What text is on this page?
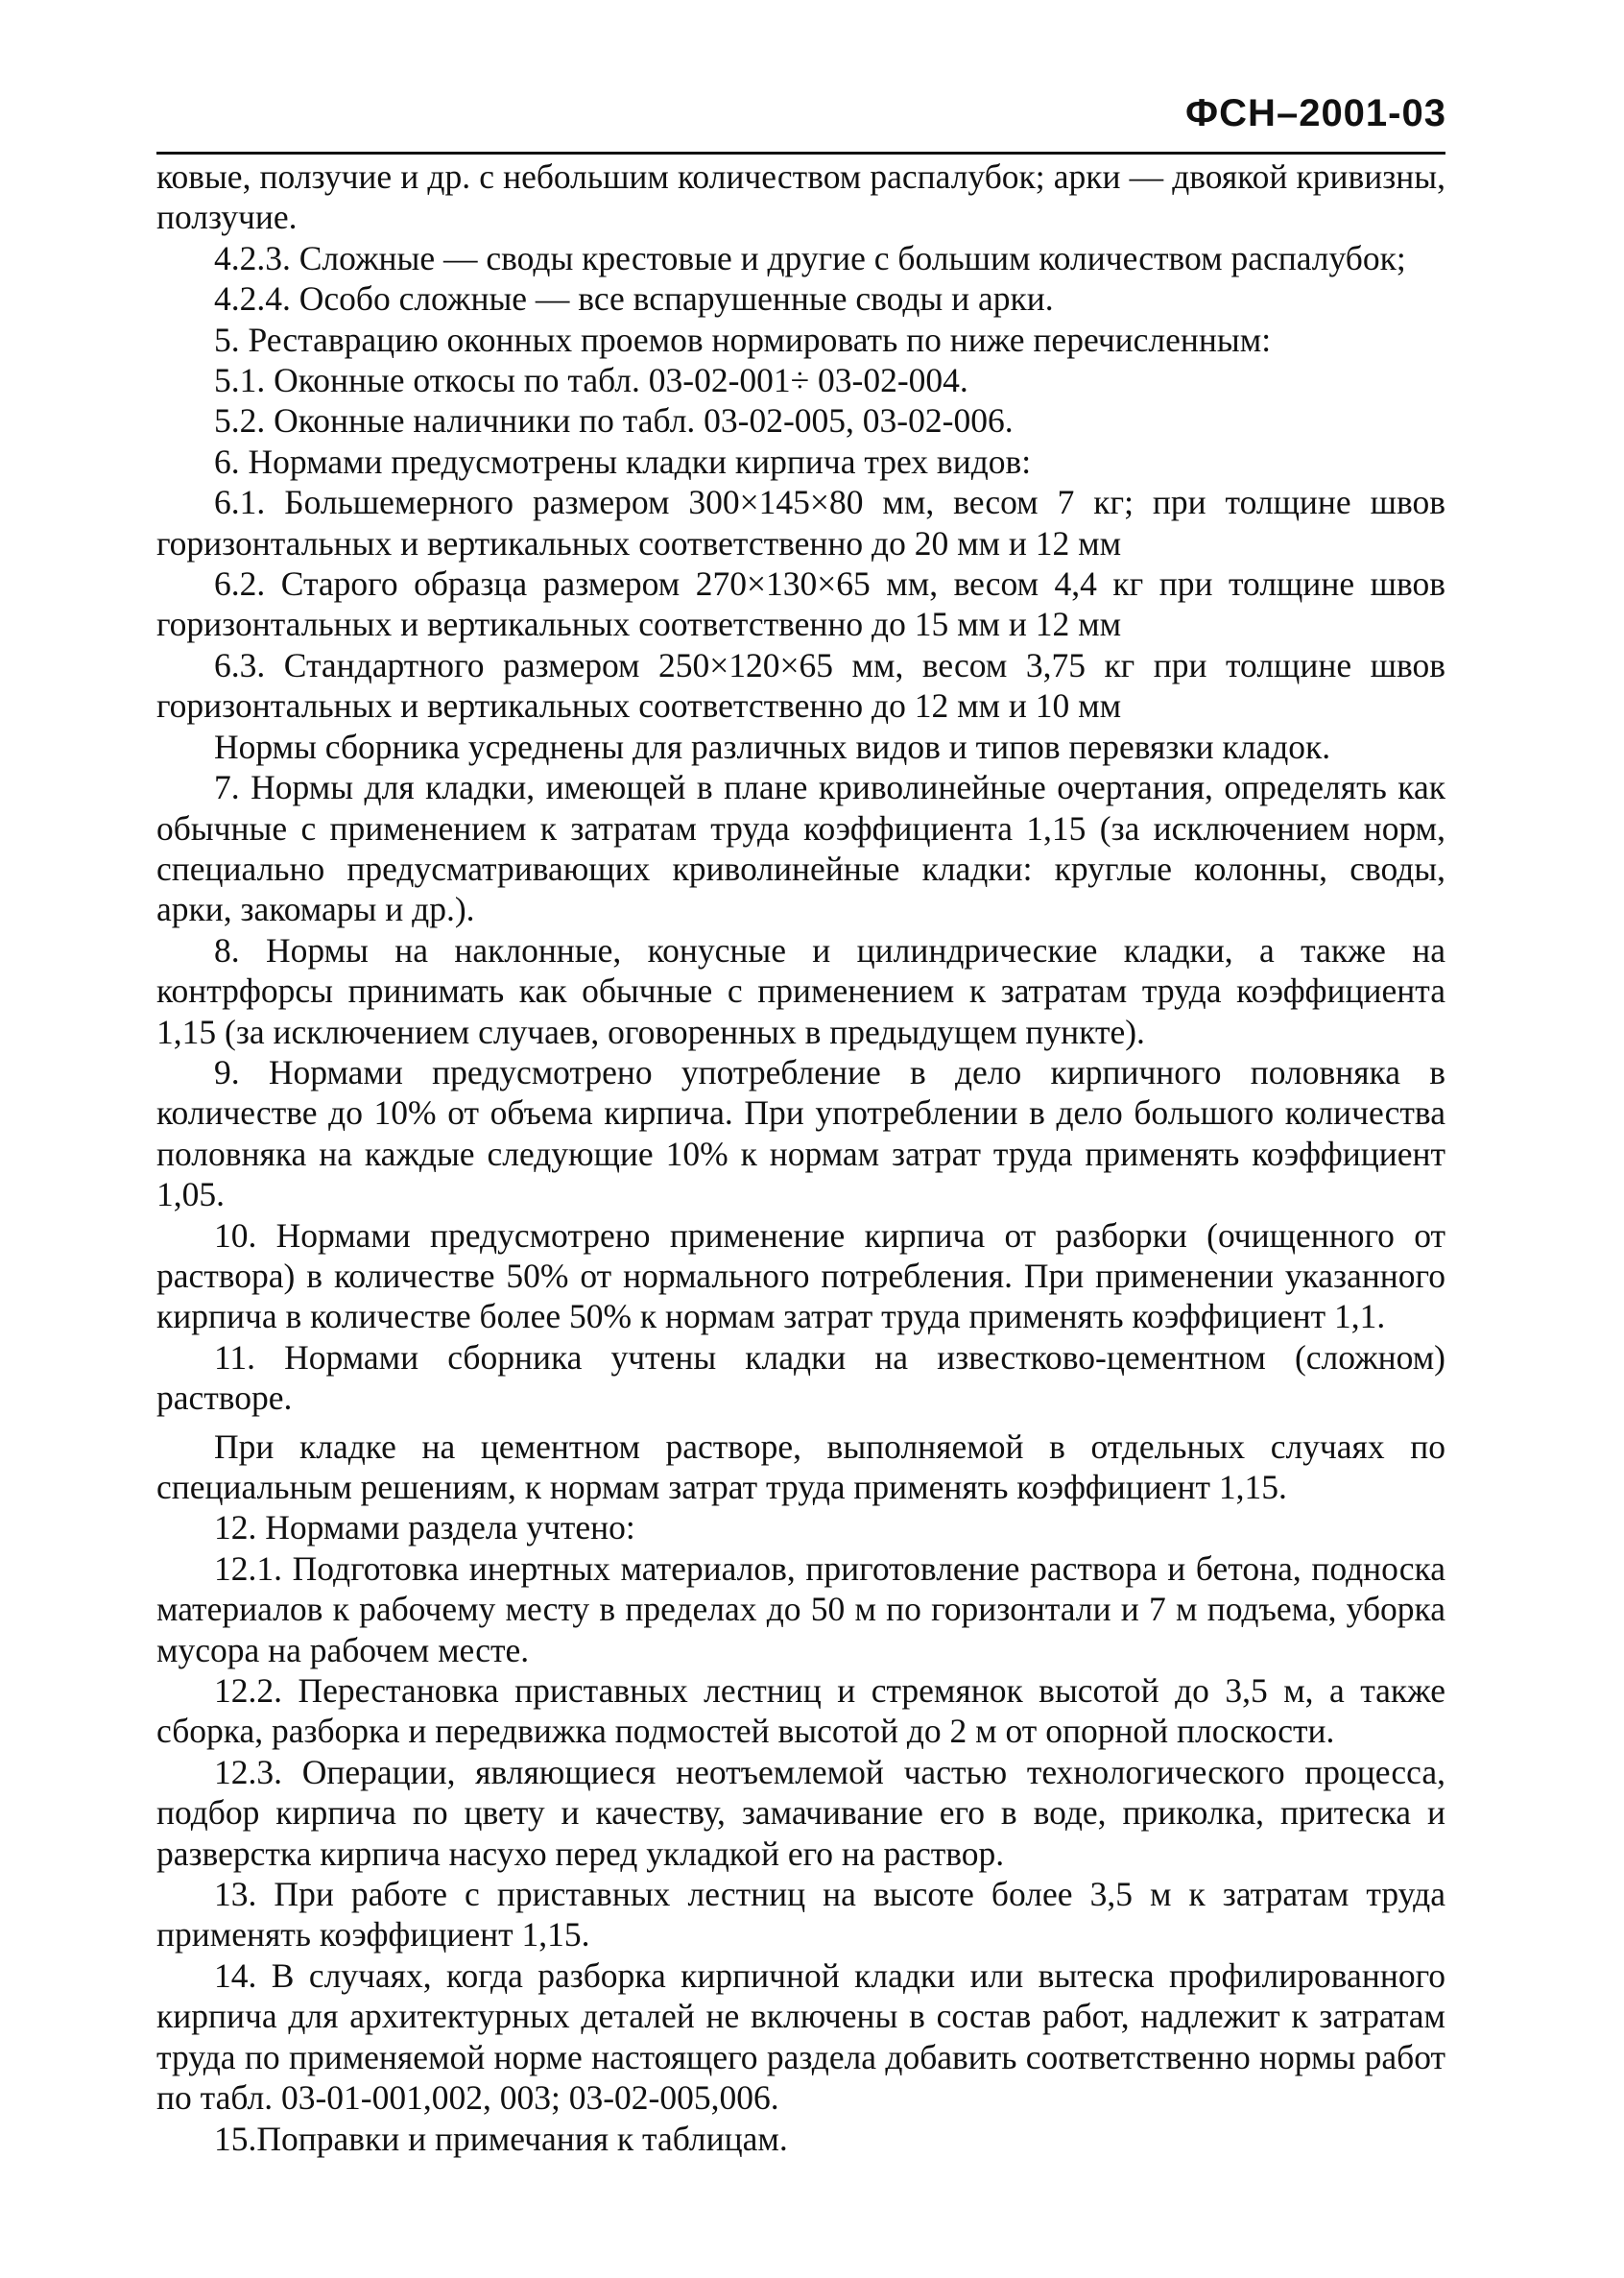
ФСН–2001-03

ковые, ползучие и др. с небольшим количеством распалубок; арки — двоякой кривизны, ползучие.

4.2.3. Сложные — своды крестовые и другие с большим количеством распалубок;

4.2.4. Особо сложные — все вспарушенные своды и арки.

5. Реставрацию оконных проемов нормировать по ниже перечисленным:

5.1. Оконные откосы по табл. 03-02-001÷ 03-02-004.

5.2. Оконные наличники по табл. 03-02-005, 03-02-006.

6. Нормами предусмотрены кладки кирпича трех видов:

6.1. Большемерного размером 300×145×80 мм, весом 7 кг; при толщине швов горизонтальных и вертикальных соответственно до 20 мм и 12 мм

6.2. Старого образца размером 270×130×65 мм, весом 4,4 кг при толщине швов горизонтальных и вертикальных соответственно до 15 мм и 12 мм

6.3. Стандартного размером 250×120×65 мм, весом 3,75 кг при толщине швов горизонтальных и вертикальных соответственно до 12 мм и 10 мм

Нормы сборника усреднены для различных видов и типов перевязки кладок.

7. Нормы для кладки, имеющей в плане криволинейные очертания, определять как обычные с применением к затратам труда коэффициента 1,15 (за исключением норм, специально предусматривающих криволинейные кладки: круглые колонны, своды, арки, закомары и др.).

8. Нормы на наклонные, конусные и цилиндрические кладки, а также на контрфорсы принимать как обычные с применением к затратам труда коэффициента 1,15 (за исключением случаев, оговоренных в предыдущем пункте).

9. Нормами предусмотрено употребление в дело кирпичного половняка в количестве до 10% от объема кирпича. При употреблении в дело большого количества половняка на каждые следующие 10% к нормам затрат труда применять коэффициент 1,05.

10. Нормами предусмотрено применение кирпича от разборки (очищенного от раствора) в количестве 50% от нормального потребления. При применении указанного кирпича в количестве более 50% к нормам затрат труда применять коэффициент 1,1.

11. Нормами сборника учтены кладки на известково-цементном (сложном) растворе.

При кладке на цементном растворе, выполняемой в отдельных случаях по специальным решениям, к нормам затрат труда применять коэффициент 1,15.

12. Нормами раздела учтено:

12.1. Подготовка инертных материалов, приготовление раствора и бетона, подноска материалов к рабочему месту в пределах до 50 м по горизонтали и 7 м подъема, уборка мусора на рабочем месте.

12.2. Перестановка приставных лестниц и стремянок высотой до 3,5 м, а также сборка, разборка и передвижка подмостей высотой до 2 м от опорной плоскости.

12.3. Операции, являющиеся неотъемлемой частью технологического процесса, подбор кирпича по цвету и качеству, замачивание его в воде, приколка, притеска и разверстка кирпича насухо перед укладкой его на раствор.

13. При работе с приставных лестниц на высоте более 3,5 м к затратам труда применять коэффициент 1,15.

14. В случаях, когда разборка кирпичной кладки или вытеска профилированного кирпича для архитектурных деталей не включены в состав работ, надлежит к затратам труда по применяемой норме настоящего раздела добавить соответственно нормы работ по табл. 03-01-001,002, 003; 03-02-005,006.

15.Поправки и примечания к таблицам.
